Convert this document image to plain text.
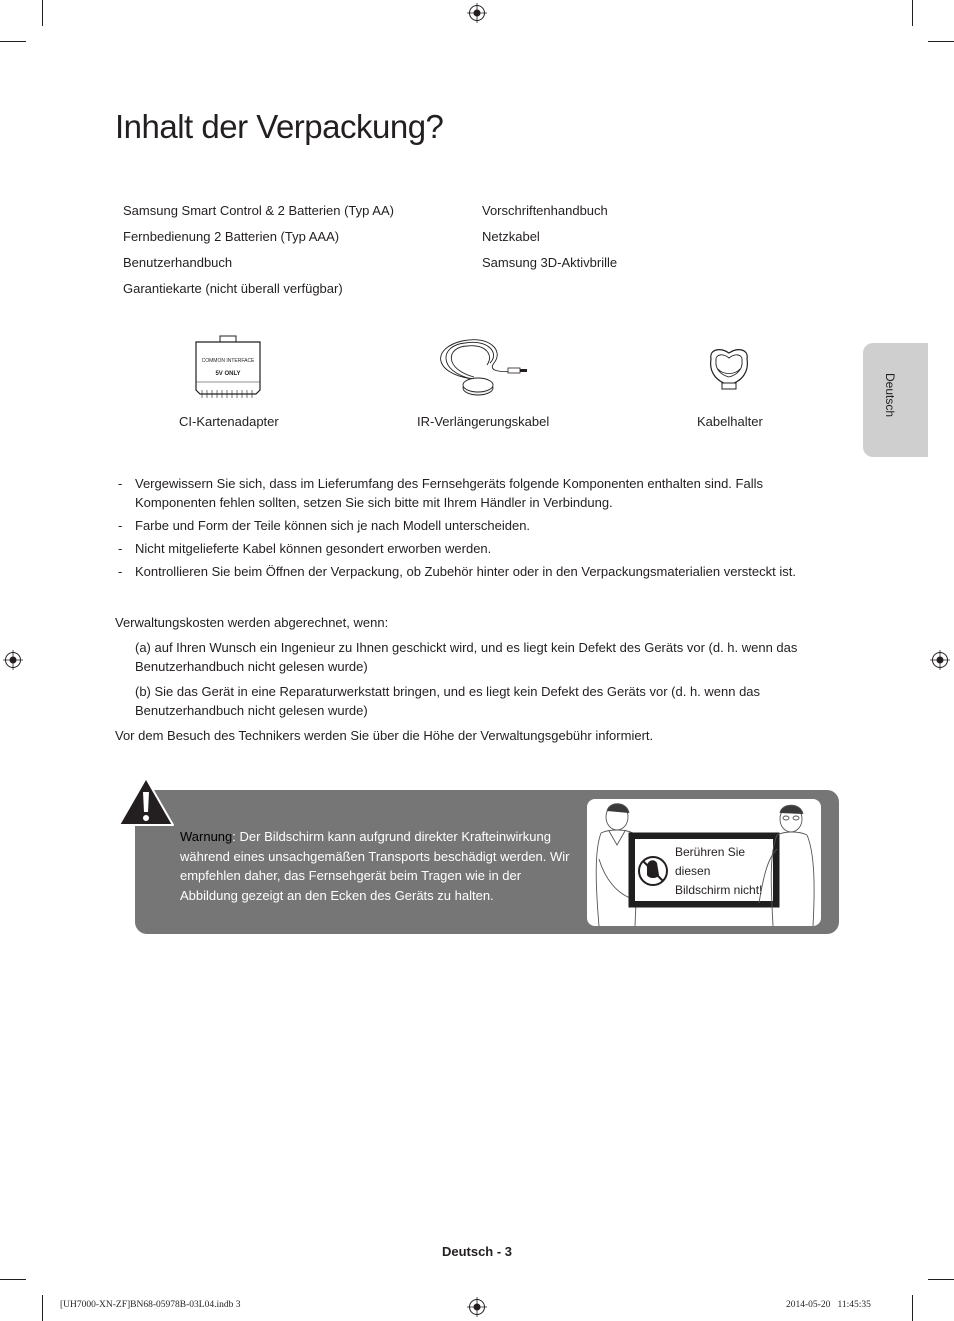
Inhalt der Verpackung?
Samsung Smart Control & 2 Batterien (Typ AA)
Fernbedienung 2 Batterien (Typ AAA)
Benutzerhandbuch
Garantiekarte (nicht überall verfügbar)
Vorschriftenhandbuch
Netzkabel
Samsung 3D-Aktivbrille
COMMON INTERFACE
5V ONLY
CI-Kartenadapter	IR-Verlängerungskabel	Kabelhalter
Deutsch
- Vergewissern Sie sich, dass im Lieferumfang des Fernsehgeräts folgende Komponenten enthalten sind. Falls Komponenten fehlen sollten, setzen Sie sich bitte mit Ihrem Händler in Verbindung.
- Farbe und Form der Teile können sich je nach Modell unterscheiden.
- Nicht mitgelieferte Kabel können gesondert erworben werden.
- Kontrollieren Sie beim Öffnen der Verpackung, ob Zubehör hinter oder in den Verpackungsmaterialien versteckt ist.

Verwaltungskosten werden abgerechnet, wenn:

(a) auf Ihren Wunsch ein Ingenieur zu Ihnen geschickt wird, und es liegt kein Defekt des Geräts vor (d. h. wenn das Benutzerhandbuch nicht gelesen wurde)

(b) Sie das Gerät in eine Reparaturwerkstatt bringen, und es liegt kein Defekt des Geräts vor (d. h. wenn das Benutzerhandbuch nicht gelesen wurde)

Vor dem Besuch des Technikers werden Sie über die Höhe der Verwaltungsgebühr informiert.

Warnung: Der Bildschirm kann aufgrund direkter Krafteinwirkung während eines unsachgemäßen Transports beschädigt werden. Wir empfehlen daher, das Fernsehgerät beim Tragen wie in der Abbildung gezeigt an den Ecken des Geräts zu halten.
Berühren Sie
diesen
Bildschirm nicht!
Deutsch - 3
[UH7000-XN-ZF]BN68-05978B-03L04.indb 3	2014-05-20   11:45:35
